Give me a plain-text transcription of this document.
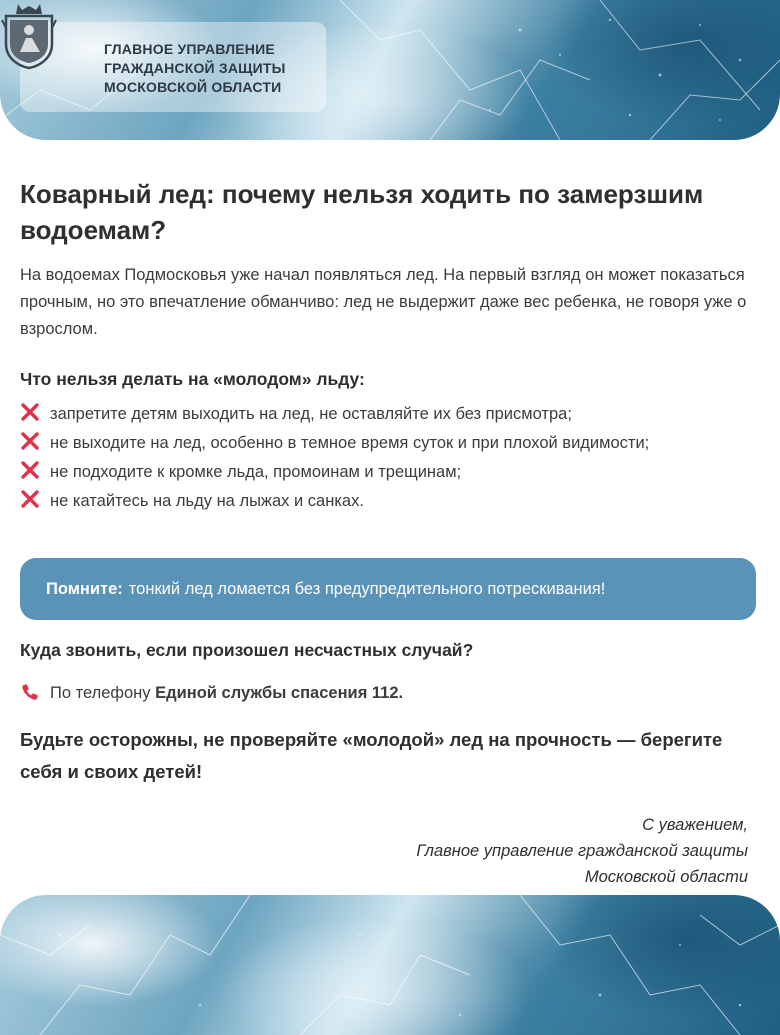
ГЛАВНОЕ УПРАВЛЕНИЕ
ГРАЖДАНСКОЙ ЗАЩИТЫ
МОСКОВСКОЙ ОБЛАСТИ
Коварный лед: почему нельзя ходить по замерзшим водоемам?
На водоемах Подмосковья уже начал появляться лед. На первый взгляд он может показаться прочным, но это впечатление обманчиво: лед не выдержит даже вес ребенка, не говоря уже о взрослом.
Что нельзя делать на «молодом» льду:
запретите детям выходить на лед, не оставляйте их без присмотра;
не выходите на лед, особенно в темное время суток и при плохой видимости;
не подходите к кромке льда, промоинам и трещинам;
не катайтесь на льду на лыжах и санках.
Помните: тонкий лед ломается без предупредительного потрескивания!
Куда звонить, если произошел несчастных случай?
По телефону Единой службы спасения 112.
Будьте осторожны, не проверяйте «молодой» лед на прочность — берегите себя и своих детей!
С уважением,
Главное управление гражданской защиты
Московской области
